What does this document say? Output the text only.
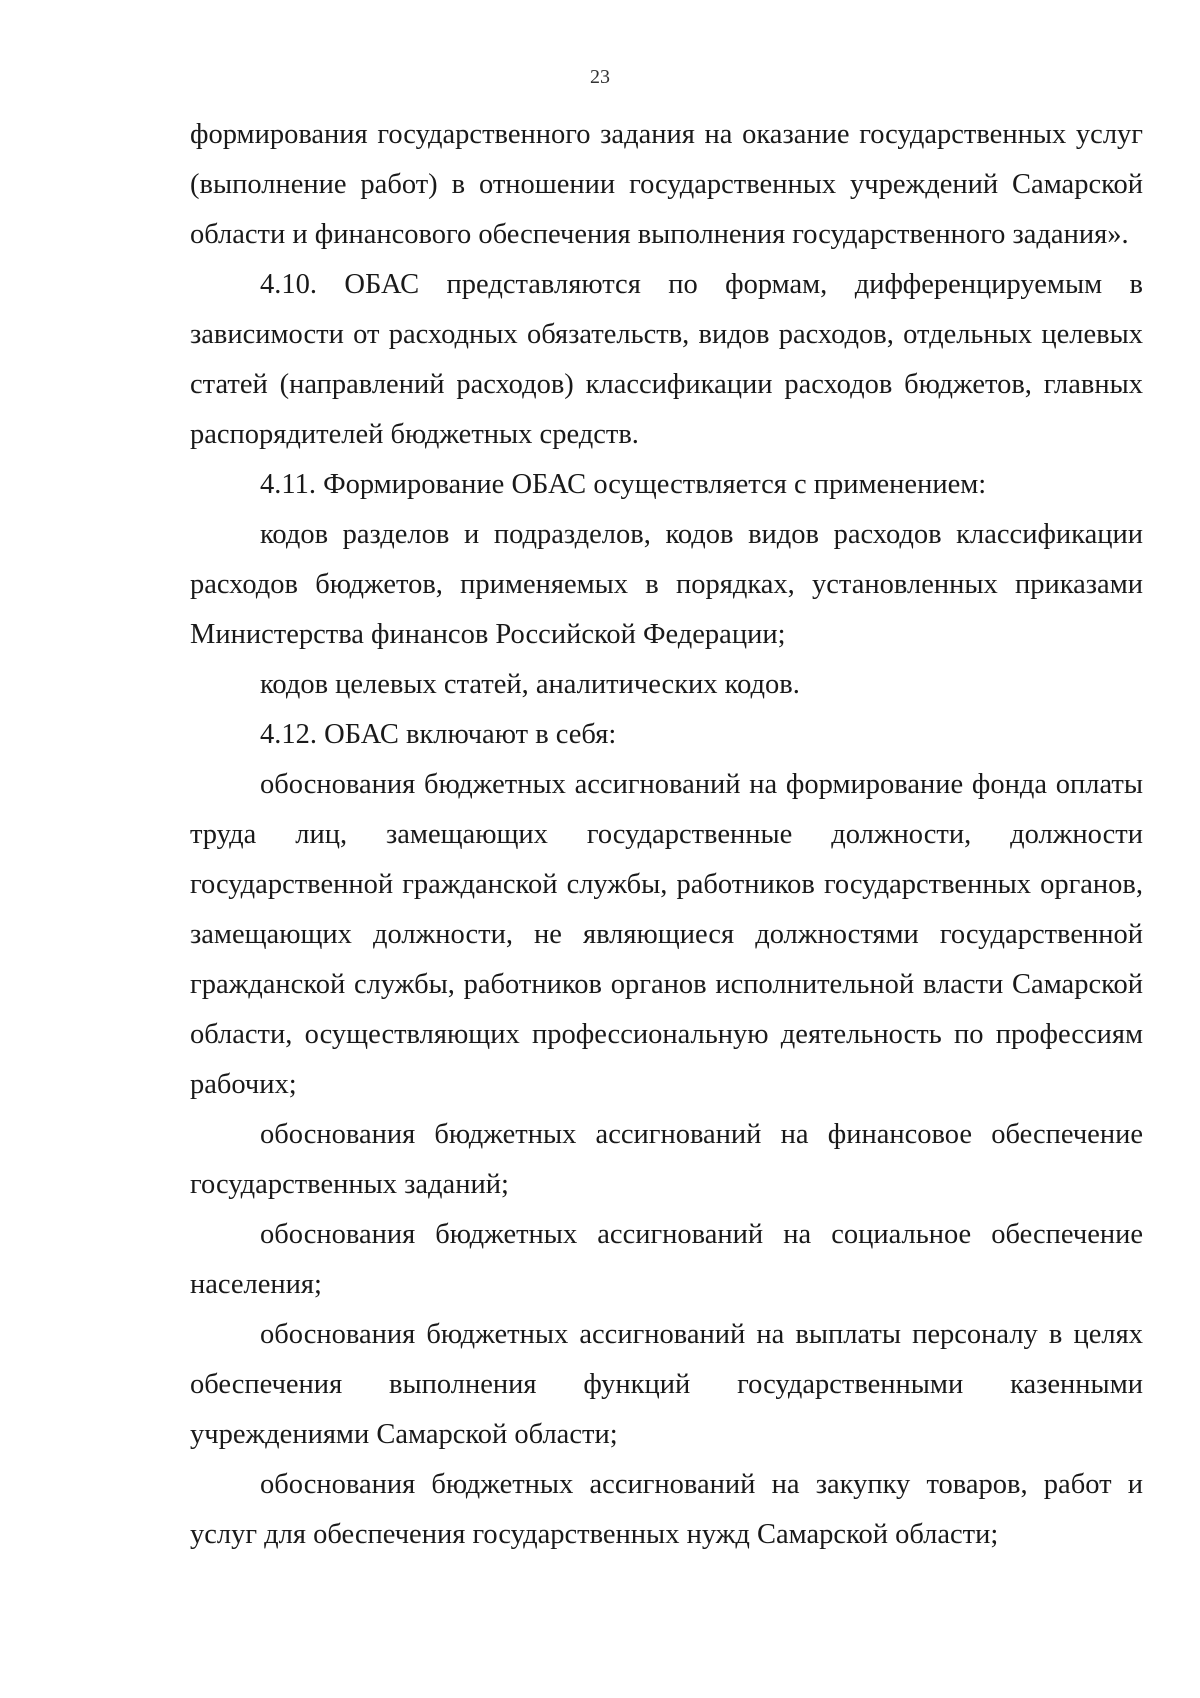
23

формирования государственного задания на оказание государственных услуг (выполнение работ) в отношении государственных учреждений Самарской области и финансового обеспечения выполнения государственного задания».

4.10. ОБАС представляются по формам, дифференцируемым в зависимости от расходных обязательств, видов расходов, отдельных целевых статей (направлений расходов) классификации расходов бюджетов, главных распорядителей бюджетных средств.

4.11. Формирование ОБАС осуществляется с применением:

кодов разделов и подразделов, кодов видов расходов классификации расходов бюджетов, применяемых в порядках, установленных приказами Министерства финансов Российской Федерации;

кодов целевых статей, аналитических кодов.

4.12. ОБАС включают в себя:

обоснования бюджетных ассигнований на формирование фонда оплаты труда лиц, замещающих государственные должности, должности государственной гражданской службы, работников государственных органов, замещающих должности, не являющиеся должностями государственной гражданской службы, работников органов исполнительной власти Самарской области, осуществляющих профессиональную деятельность по профессиям рабочих;

обоснования бюджетных ассигнований на финансовое обеспечение государственных заданий;

обоснования бюджетных ассигнований на социальное обеспечение населения;

обоснования бюджетных ассигнований на выплаты персоналу в целях обеспечения выполнения функций государственными казенными учреждениями Самарской области;

обоснования бюджетных ассигнований на закупку товаров, работ и услуг для обеспечения государственных нужд Самарской области;
